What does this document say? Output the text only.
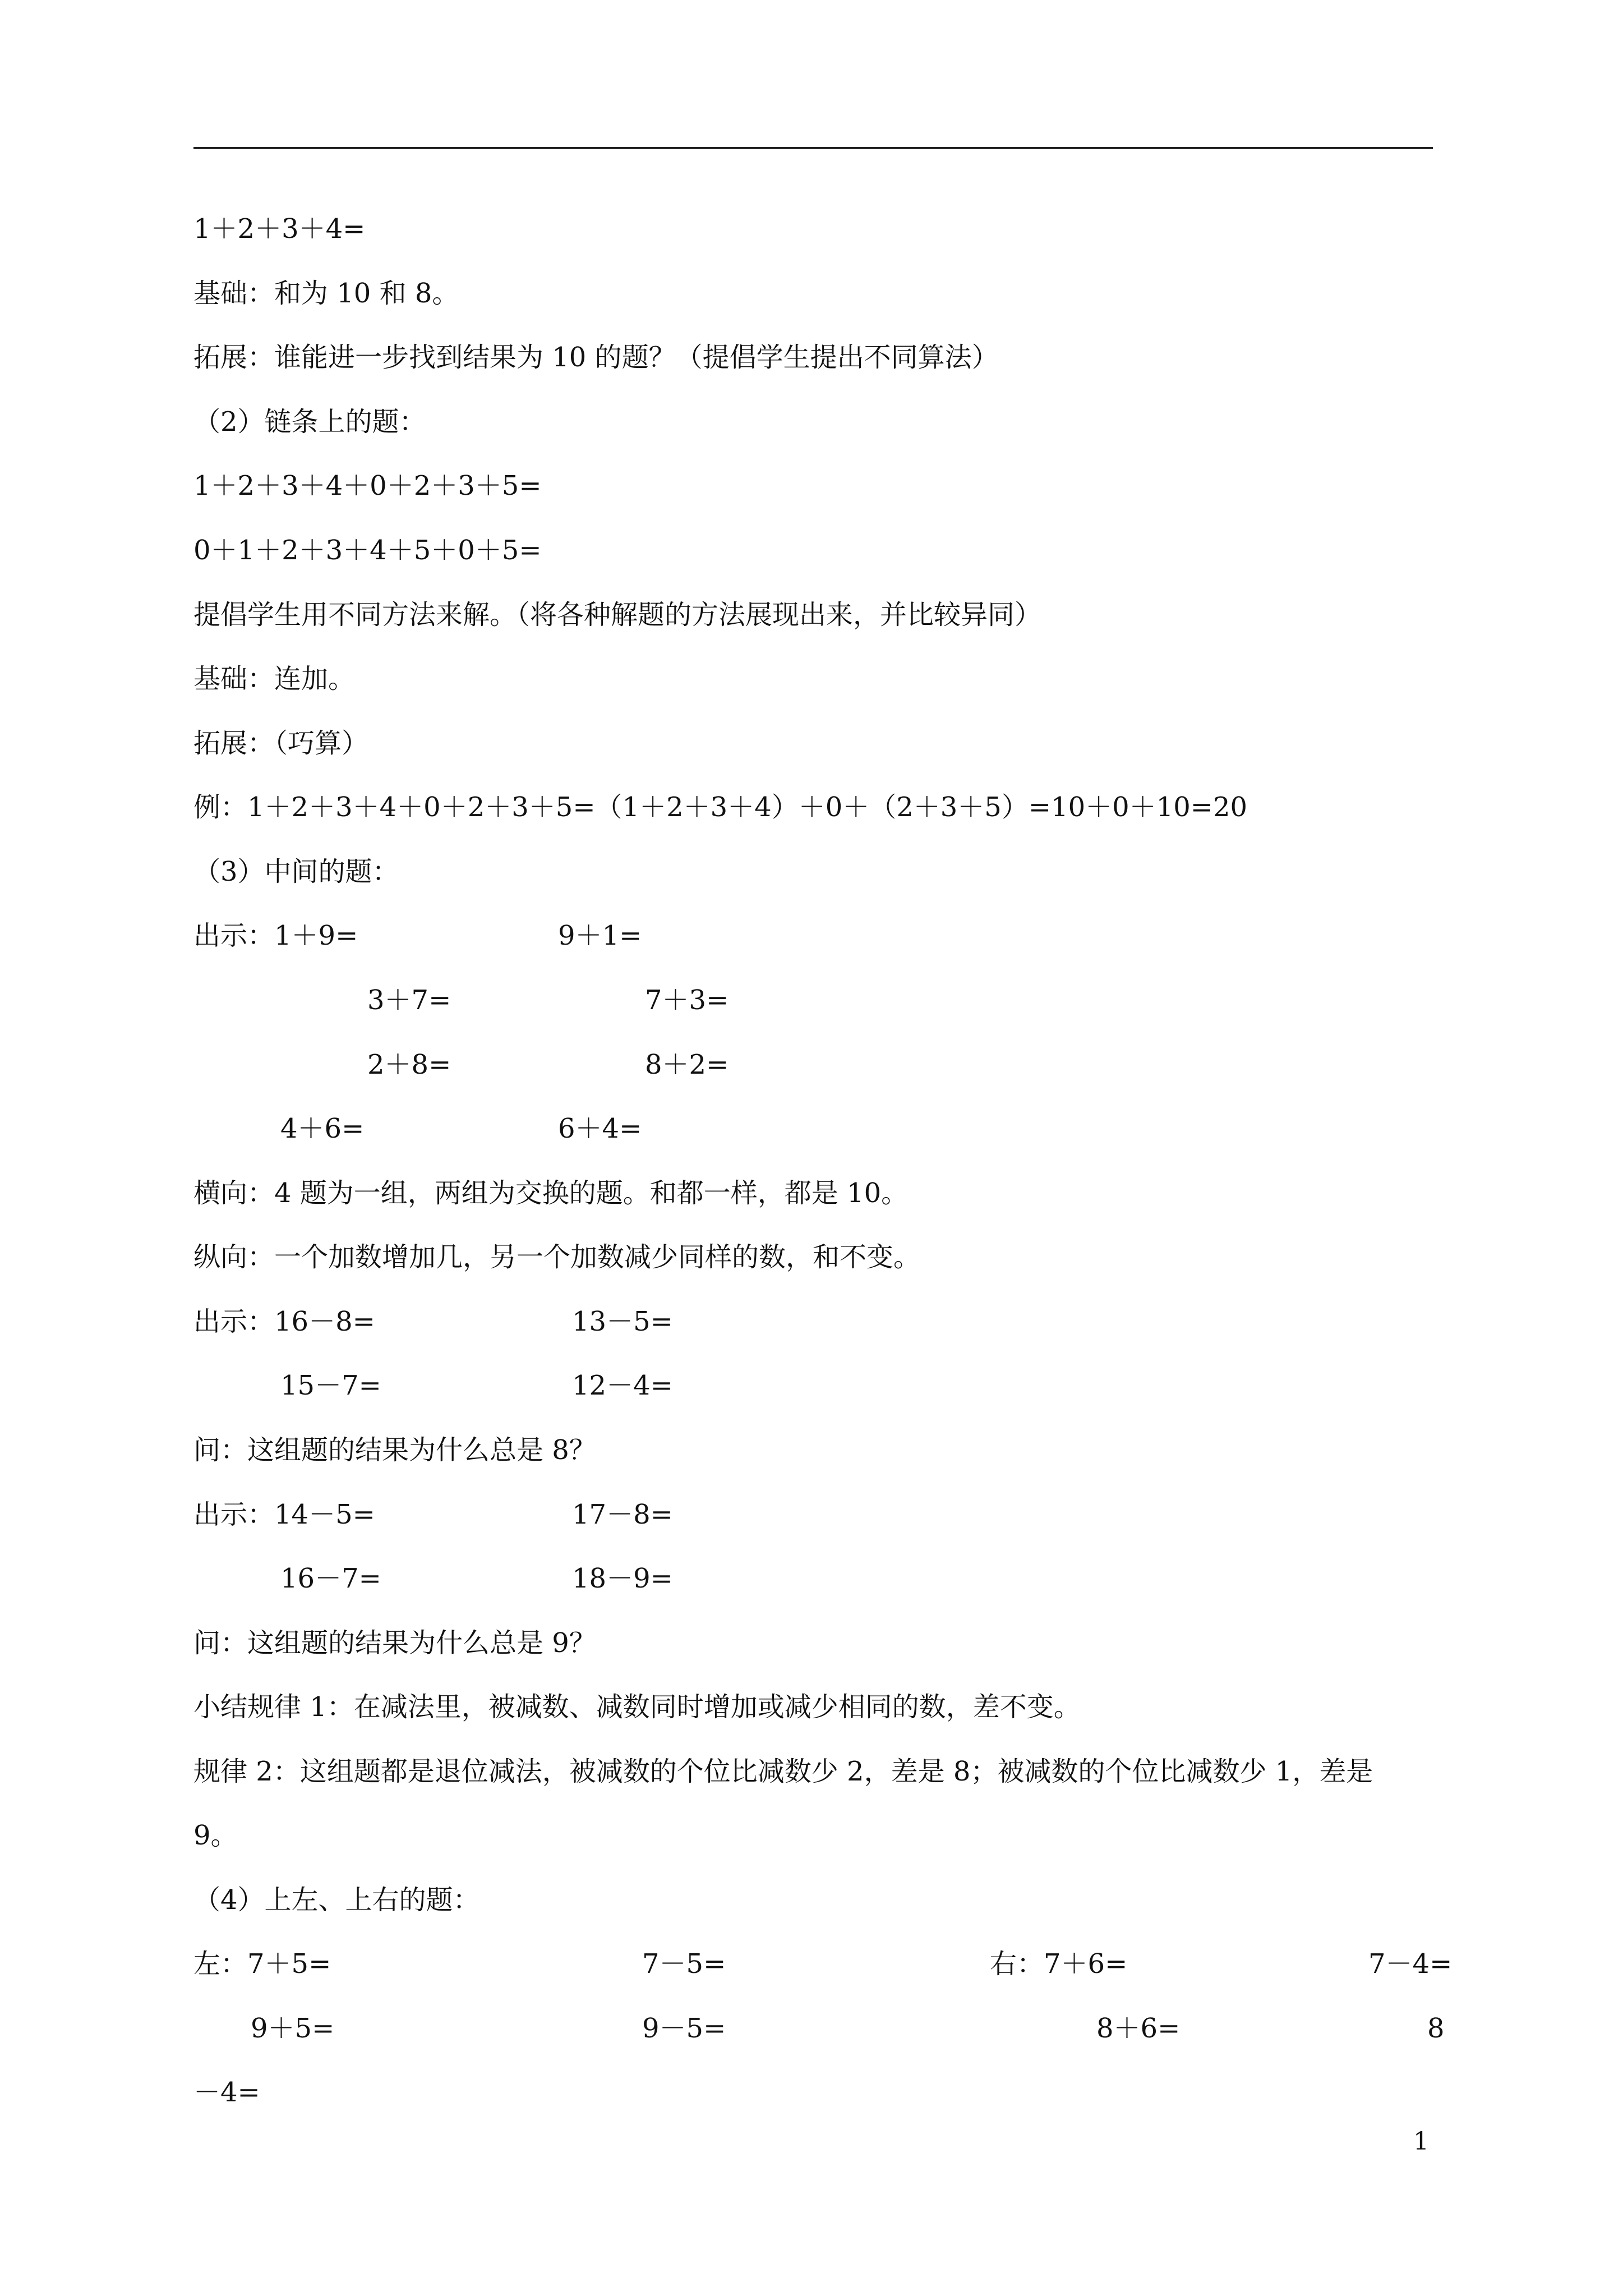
1＋2＋3＋4=
基础：和为 10 和 8。
拓展：谁能进一步找到结果为 10 的题？（提倡学生提出不同算法）
（2）链条上的题：
1＋2＋3＋4＋0＋2＋3＋5=
0＋1＋2＋3＋4＋5＋0＋5=
提倡学生用不同方法来解。（将各种解题的方法展现出来，并比较异同）
基础：连加。
拓展：（巧算）
例：1＋2＋3＋4＋0＋2＋3＋5=（1＋2＋3＋4）＋0＋（2＋3＋5）=10＋0＋10=20
（3）中间的题：
出示：1＋9=	9＋1=
3＋7=	7＋3=
2＋8=	8＋2=
4＋6=	6＋4=
横向：4 题为一组，两组为交换的题。和都一样，都是 10。
纵向：一个加数增加几，另一个加数减少同样的数，和不变。
出示：16－8=	13－5=
15－7=	12－4=
问：这组题的结果为什么总是 8？
出示：14－5=	17－8=
16－7=	18－9=
问：这组题的结果为什么总是 9？
小结规律 1：在减法里，被减数、减数同时增加或减少相同的数，差不变。
规律 2：这组题都是退位减法，被减数的个位比减数少 2，差是 8；被减数的个位比减数少 1，差是
9。
（4）上左、上右的题：
左：7＋5=	7－5=	右：7＋6=	7－4=
9＋5=	9－5=	8＋6=	8
－4=
1
